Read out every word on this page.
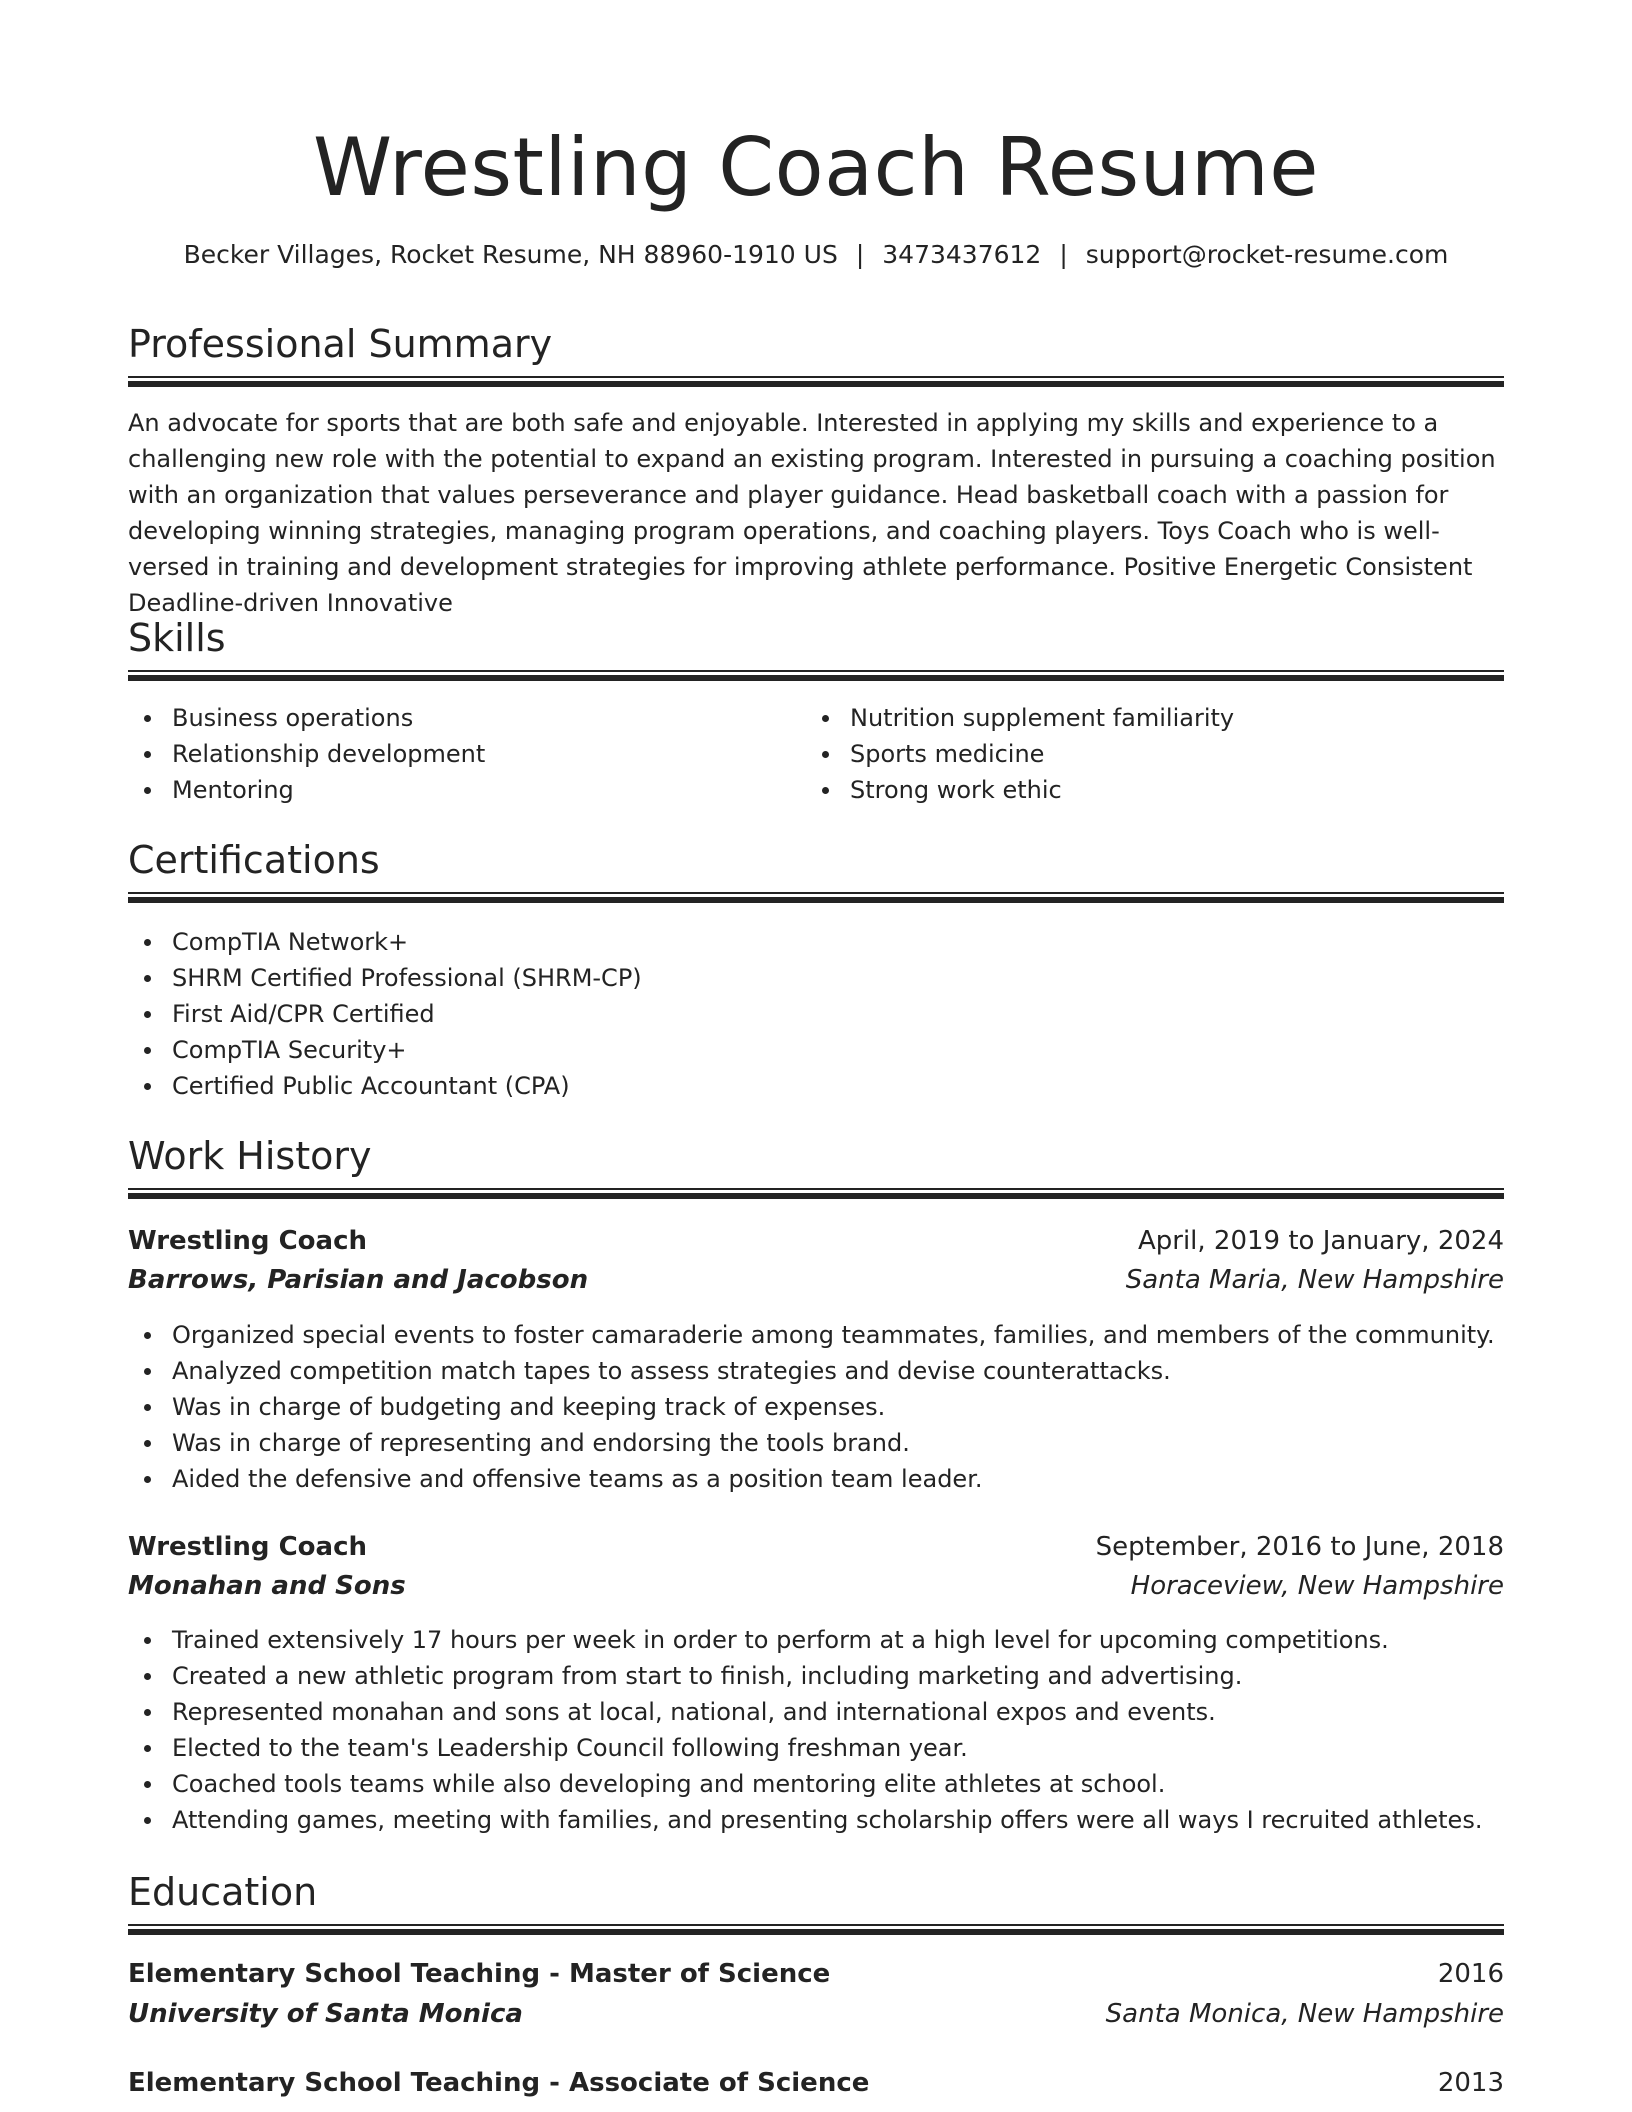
Wrestling Coach Resume
Becker Villages, Rocket Resume, NH 88960-1910 US | 3473437612 | support@rocket-resume.com
Professional Summary
An advocate for sports that are both safe and enjoyable. Interested in applying my skills and experience to a challenging new role with the potential to expand an existing program. Interested in pursuing a coaching position with an organization that values perseverance and player guidance. Head basketball coach with a passion for developing winning strategies, managing program operations, and coaching players. Toys Coach who is well-versed in training and development strategies for improving athlete performance. Positive Energetic Consistent Deadline-driven Innovative
Skills
Business operations
Relationship development
Mentoring
Nutrition supplement familiarity
Sports medicine
Strong work ethic
Certifications
CompTIA Network+
SHRM Certified Professional (SHRM-CP)
First Aid/CPR Certified
CompTIA Security+
Certified Public Accountant (CPA)
Work History
Wrestling Coach	April, 2019 to January, 2024
Barrows, Parisian and Jacobson	Santa Maria, New Hampshire
Organized special events to foster camaraderie among teammates, families, and members of the community.
Analyzed competition match tapes to assess strategies and devise counterattacks.
Was in charge of budgeting and keeping track of expenses.
Was in charge of representing and endorsing the tools brand.
Aided the defensive and offensive teams as a position team leader.
Wrestling Coach	September, 2016 to June, 2018
Monahan and Sons	Horaceview, New Hampshire
Trained extensively 17 hours per week in order to perform at a high level for upcoming competitions.
Created a new athletic program from start to finish, including marketing and advertising.
Represented monahan and sons at local, national, and international expos and events.
Elected to the team's Leadership Council following freshman year.
Coached tools teams while also developing and mentoring elite athletes at school.
Attending games, meeting with families, and presenting scholarship offers were all ways I recruited athletes.
Education
Elementary School Teaching - Master of Science	2016
University of Santa Monica	Santa Monica, New Hampshire
Elementary School Teaching - Associate of Science	2013
